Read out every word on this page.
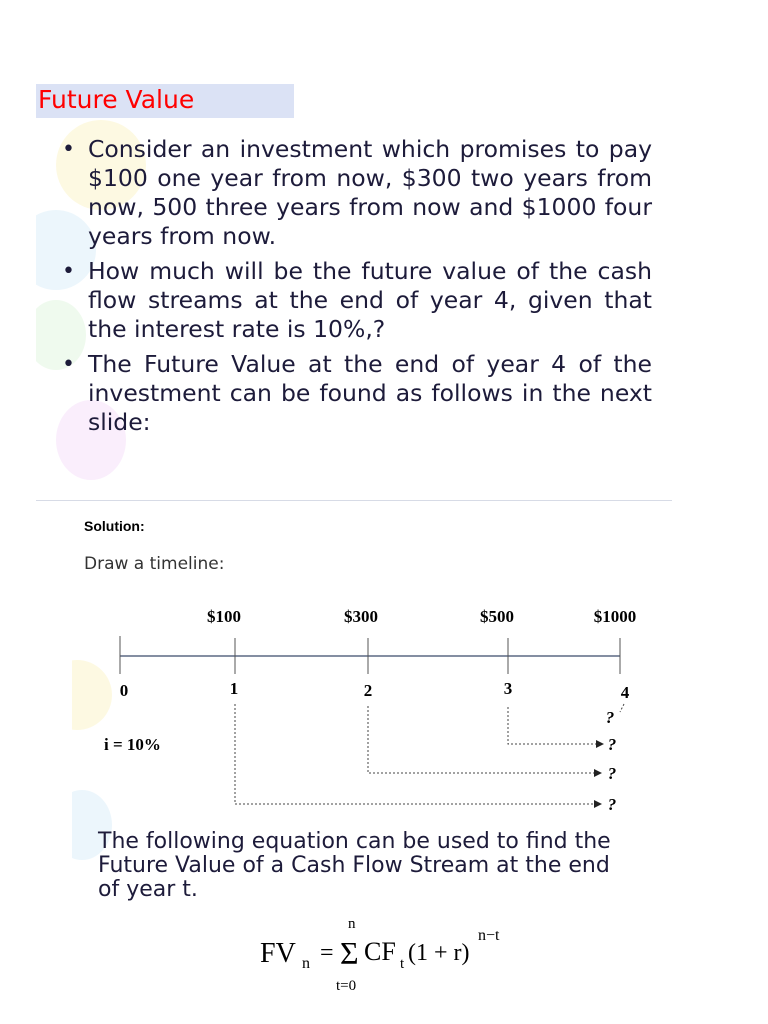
Future Value
• Consider an investment which promises to pay $100 one year from now, $300 two years from now, 500 three years from now and $1000 four years from now.
• How much will be the future value of the cash flow streams at the end of year 4, given that the interest rate is 10%,?
• The Future Value at the end of year 4 of the investment can be found as follows in the next slide:
Solution:
Draw a timeline:
$100	$300	$500	$1000
0	1	2	3	4
i = 10%
?
?
?
?
The following equation can be used to find the Future Value of a Cash Flow Stream at the end of year t.
FV n =
n
Σ
t=0
CF t (1 + r)
n−t
